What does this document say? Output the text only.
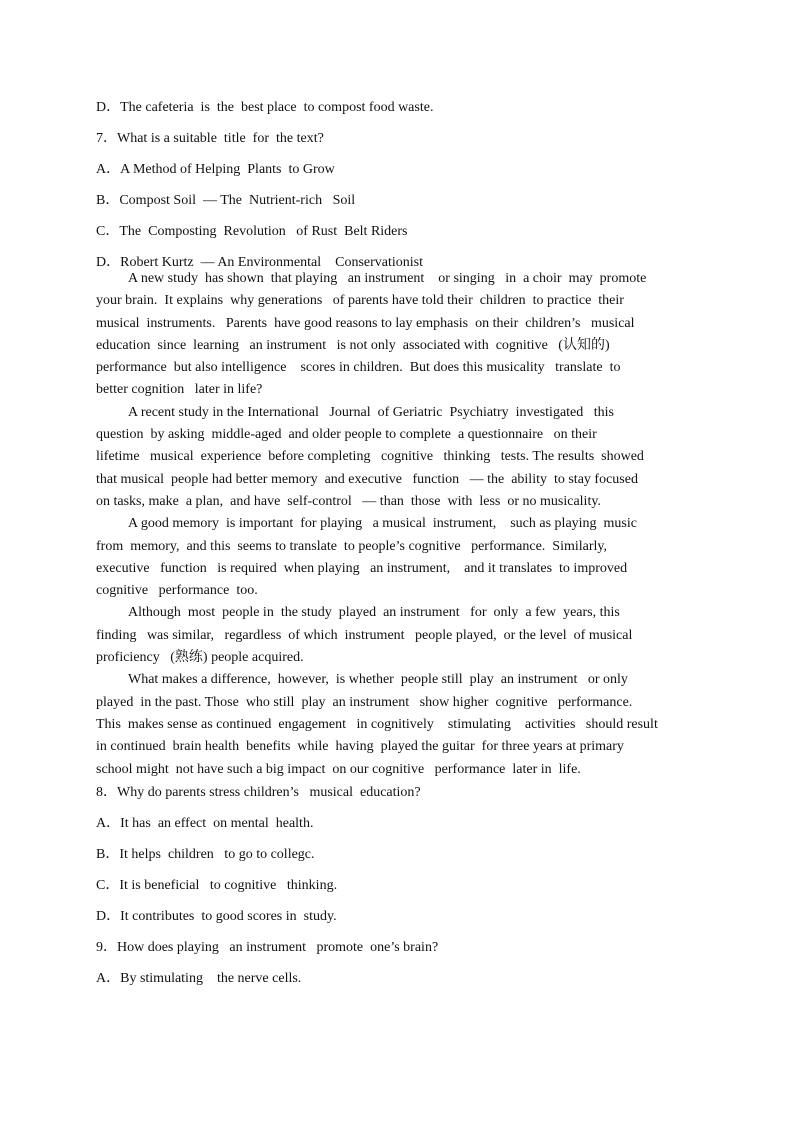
D．The cafeteria  is  the  best place  to compost food waste.
7．What is a suitable  title  for  the text?
A．A Method of Helping  Plants  to Grow
B．Compost Soil  — The  Nutrient-rich   Soil
C．The  Composting  Revolution   of Rust  Belt Riders
D．Robert Kurtz  — An Environmental    Conservationist
A new study  has shown  that playing   an instrument    or singing   in  a choir  may  promote
your brain.  It explains  why generations   of parents have told their  children  to practice  their
musical  instruments.   Parents  have good reasons to lay emphasis  on their  children’s   musical
education  since  learning   an instrument   is not only  associated with  cognitive   (认知的)
performance  but also intelligence    scores in children.  But does this musicality   translate  to
better cognition   later in life?
A recent study in the International   Journal  of Geriatric  Psychiatry  investigated   this
question  by asking  middle-aged  and older people to complete  a questionnaire   on their
lifetime   musical  experience  before completing   cognitive   thinking   tests. The results  showed
that musical  people had better memory  and executive   function   — the  ability  to stay focused
on tasks, make  a plan,  and have  self-control   — than  those  with  less  or no musicality.
A good memory  is important  for playing   a musical  instrument,    such as playing  music
from  memory,  and this  seems to translate  to people’s cognitive   performance.  Similarly,
executive   function   is required  when playing   an instrument,    and it translates  to improved
cognitive   performance  too.
Although  most  people in  the study  played  an instrument   for  only  a few  years, this
finding   was similar,   regardless  of which  instrument   people played,  or the level  of musical
proficiency   (熟练) people acquired.
What makes a difference,  however,  is whether  people still  play  an instrument   or only
played  in the past. Those  who still  play  an instrument   show higher  cognitive   performance.
This  makes sense as continued  engagement   in cognitively    stimulating    activities   should result
in continued  brain health  benefits  while  having  played the guitar  for three years at primary
school might  not have such a big impact  on our cognitive   performance  later in  life.
8．Why do parents stress children’s   musical  education?
A．It has  an effect  on mental  health.
B．It helps  children   to go to collegc.
C．It is beneficial   to cognitive   thinking.
D．It contributes  to good scores in  study.
9．How does playing   an instrument   promote  one’s brain?
A．By stimulating    the nerve cells.
